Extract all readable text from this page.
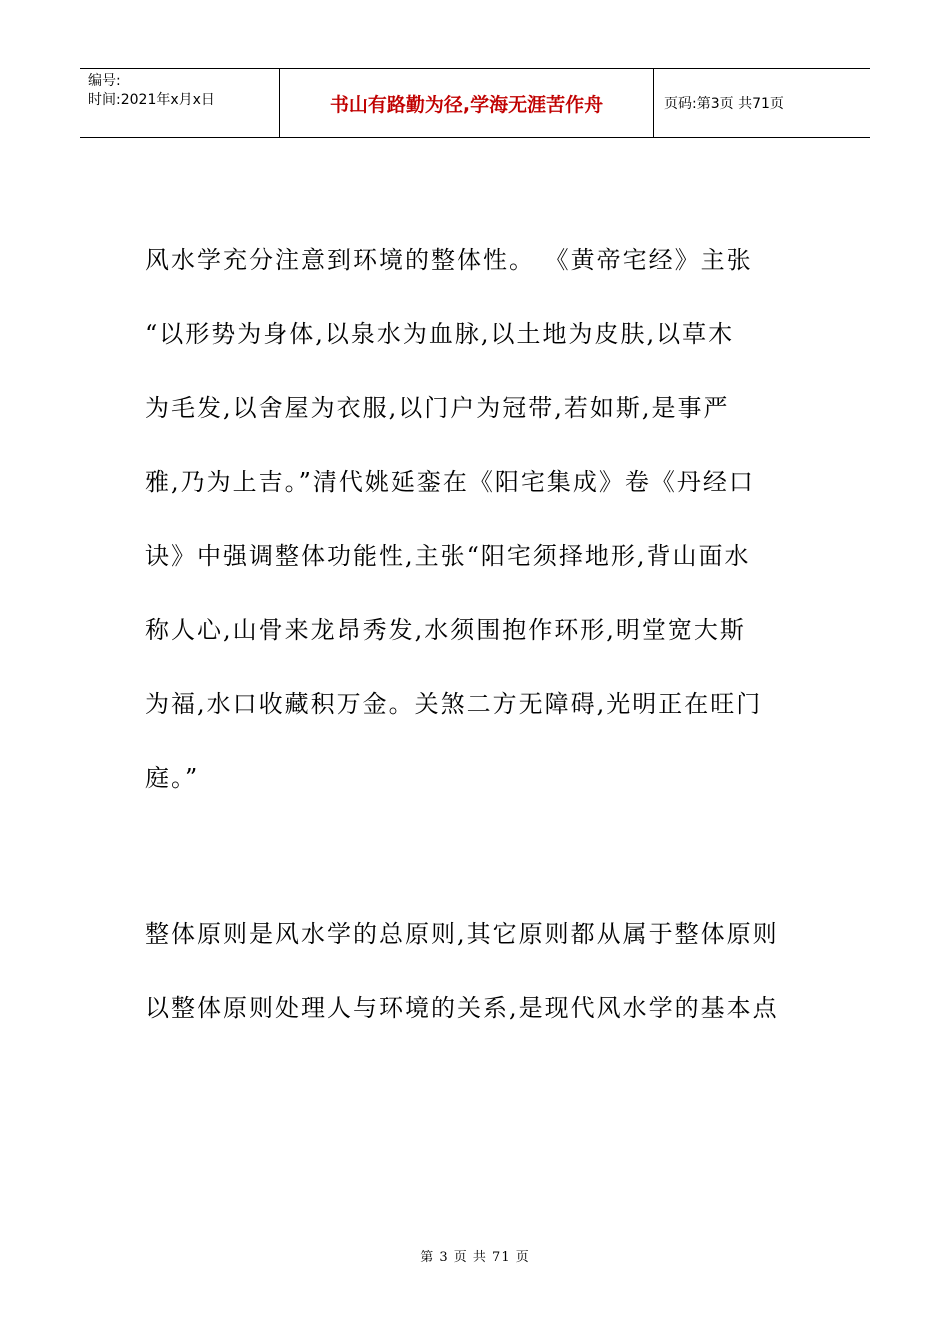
编号:
时间:2021年x月x日	书山有路勤为径,学海无涯苦作舟	页码:第3页 共71页
风水学充分注意到环境的整体性。 《黄帝宅经》主张
“以形势为身体,以泉水为血脉,以土地为皮肤,以草木
为毛发,以舍屋为衣服,以门户为冠带,若如斯,是事严
雅,乃为上吉。”清代姚延銮在《阳宅集成》卷《丹经口
诀》中强调整体功能性,主张“阳宅须择地形,背山面水
称人心,山骨来龙昂秀发,水须围抱作环形,明堂宽大斯
为福,水口收藏积万金。关煞二方无障碍,光明正在旺门
庭。”
整体原则是风水学的总原则,其它原则都从属于整体原则
以整体原则处理人与环境的关系,是现代风水学的基本点
第 3 页 共 71 页
